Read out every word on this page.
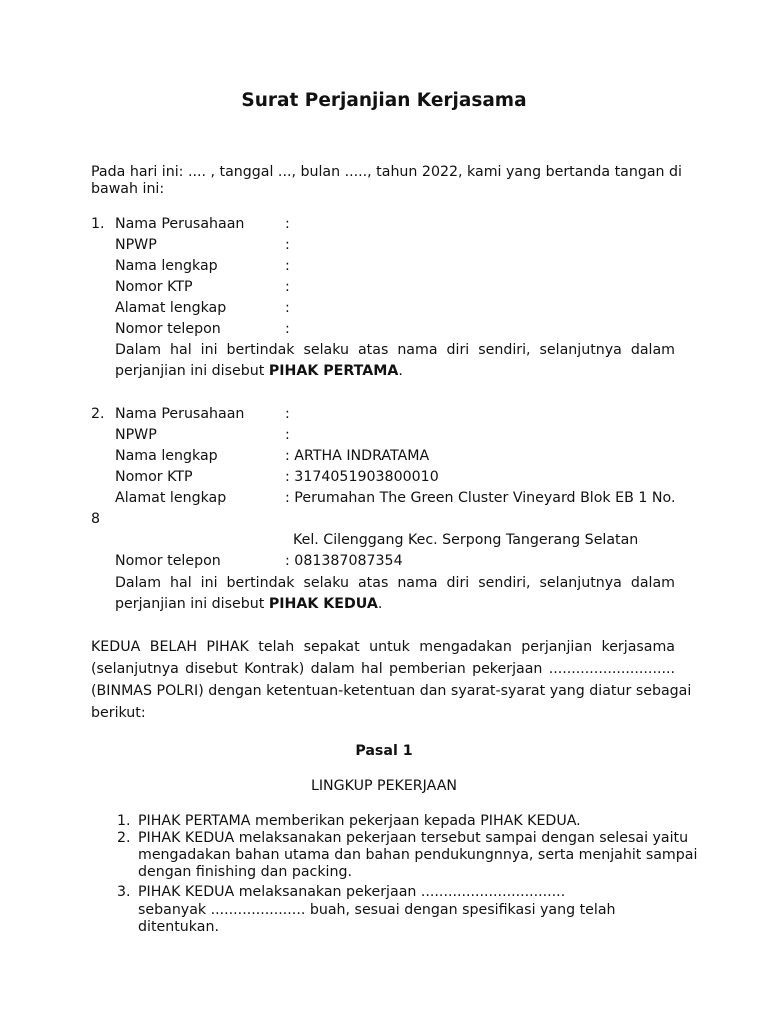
Surat Perjanjian Kerjasama
Pada hari ini: .... , tanggal ..., bulan ....., tahun 2022, kami yang bertanda tangan di
bawah ini:
1. Nama Perusahaan	:
NPWP	:
Nama lengkap	:
Nomor KTP	:
Alamat lengkap	:
Nomor telepon	:
Dalam hal ini bertindak selaku atas nama diri sendiri, selanjutnya dalam
perjanjian ini disebut PIHAK PERTAMA.
2. Nama Perusahaan	:
NPWP	:
Nama lengkap	: ARTHA INDRATAMA
Nomor KTP	: 3174051903800010
Alamat lengkap	: Perumahan The Green Cluster Vineyard Blok EB 1 No.
8
Kel. Cilenggang Kec. Serpong Tangerang Selatan
Nomor telepon	: 081387087354
Dalam hal ini bertindak selaku atas nama diri sendiri, selanjutnya dalam
perjanjian ini disebut PIHAK KEDUA.
KEDUA BELAH PIHAK telah sepakat untuk mengadakan perjanjian kerjasama
(selanjutnya disebut Kontrak) dalam hal pemberian pekerjaan ............................
(BINMAS POLRI) dengan ketentuan-ketentuan dan syarat-syarat yang diatur sebagai
berikut:
Pasal 1
LINGKUP PEKERJAAN
1. PIHAK PERTAMA memberikan pekerjaan kepada PIHAK KEDUA.
2. PIHAK KEDUA melaksanakan pekerjaan tersebut sampai dengan selesai yaitu
mengadakan bahan utama dan bahan pendukungnnya, serta menjahit sampai
dengan finishing dan packing.
3. PIHAK KEDUA melaksanakan pekerjaan ................................
sebanyak ..................... buah, sesuai dengan spesifikasi yang telah
ditentukan.
